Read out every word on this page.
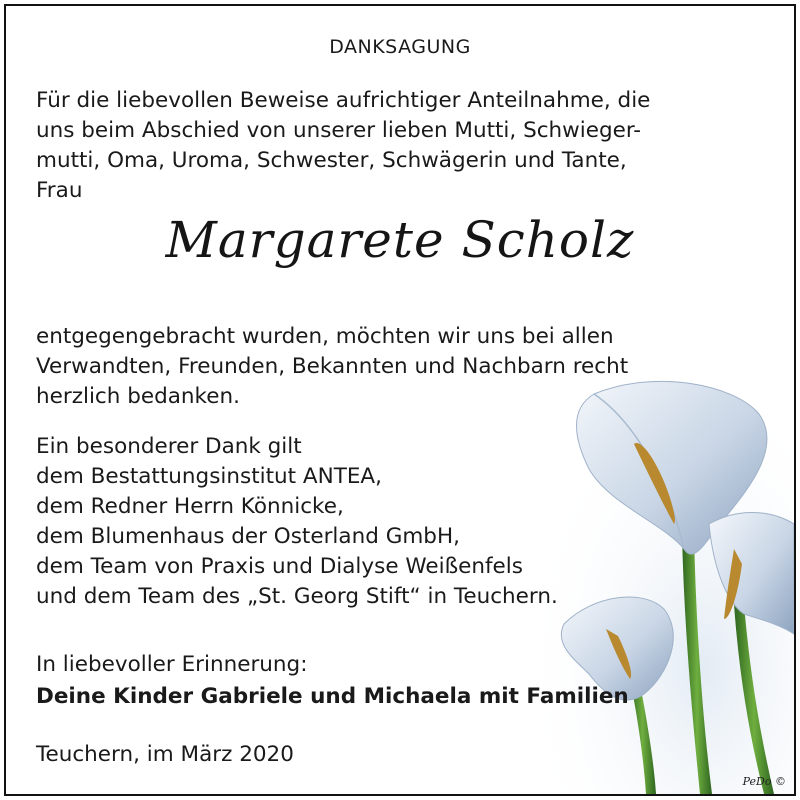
DANKSAGUNG

Für die liebevollen Beweise aufrichtiger Anteilnahme, die
uns beim Abschied von unserer lieben Mutti, Schwieger-
mutti, Oma, Uroma, Schwester, Schwägerin und Tante,
Frau

Margarete Scholz

entgegengebracht wurden, möchten wir uns bei allen
Verwandten, Freunden, Bekannten und Nachbarn recht
herzlich bedanken.

Ein besonderer Dank gilt
dem Bestattungsinstitut ANTEA,
dem Redner Herrn Könnicke,
dem Blumenhaus der Osterland GmbH,
dem Team von Praxis und Dialyse Weißenfels
und dem Team des „St. Georg Stift“ in Teuchern.

In liebevoller Erinnerung:

Deine Kinder Gabriele und Michaela mit Familien

Teuchern, im März 2020

PeDo ©
